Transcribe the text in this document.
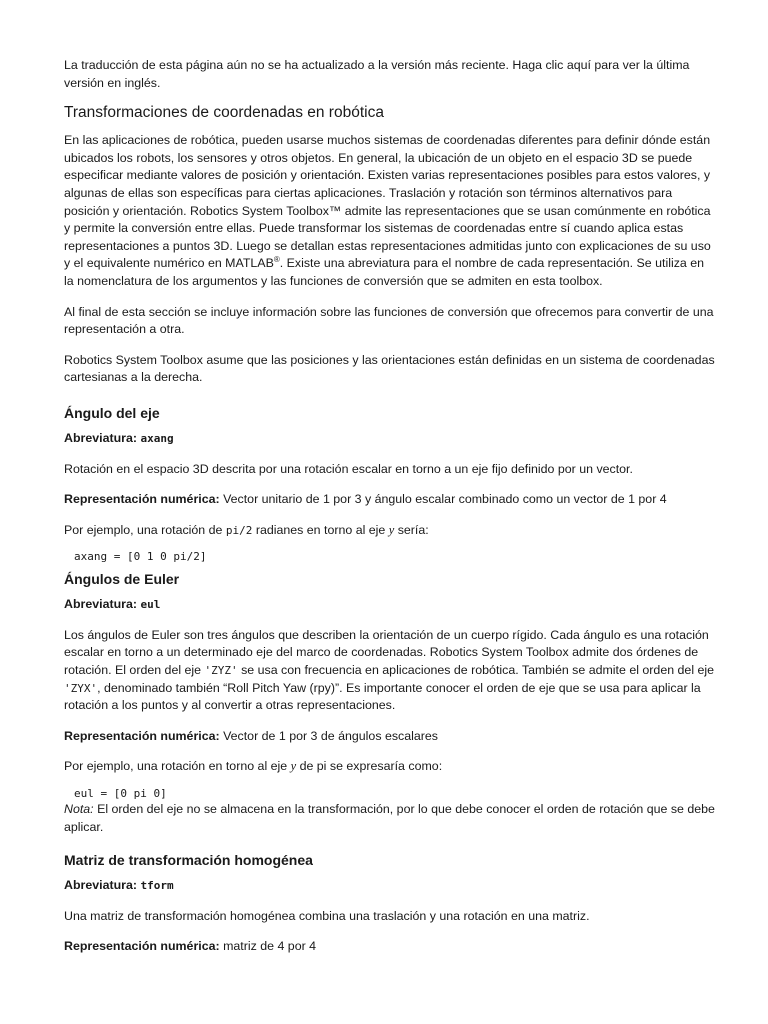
La traducción de esta página aún no se ha actualizado a la versión más reciente. Haga clic aquí para ver la última versión en inglés.

Transformaciones de coordenadas en robótica

En las aplicaciones de robótica, pueden usarse muchos sistemas de coordenadas diferentes para definir dónde están ubicados los robots, los sensores y otros objetos. En general, la ubicación de un objeto en el espacio 3D se puede especificar mediante valores de posición y orientación. Existen varias representaciones posibles para estos valores, y algunas de ellas son específicas para ciertas aplicaciones. Traslación y rotación son términos alternativos para posición y orientación. Robotics System Toolbox™ admite las representaciones que se usan comúnmente en robótica y permite la conversión entre ellas. Puede transformar los sistemas de coordenadas entre sí cuando aplica estas representaciones a puntos 3D. Luego se detallan estas representaciones admitidas junto con explicaciones de su uso y el equivalente numérico en MATLAB®. Existe una abreviatura para el nombre de cada representación. Se utiliza en la nomenclatura de los argumentos y las funciones de conversión que se admiten en esta toolbox.

Al final de esta sección se incluye información sobre las funciones de conversión que ofrecemos para convertir de una representación a otra.

Robotics System Toolbox asume que las posiciones y las orientaciones están definidas en un sistema de coordenadas cartesianas a la derecha.

Ángulo del eje

Abreviatura: axang

Rotación en el espacio 3D descrita por una rotación escalar en torno a un eje fijo definido por un vector.

Representación numérica: Vector unitario de 1 por 3 y ángulo escalar combinado como un vector de 1 por 4

Por ejemplo, una rotación de pi/2 radianes en torno al eje y sería:

axang = [0 1 0 pi/2]
Ángulos de Euler

Abreviatura: eul

Los ángulos de Euler son tres ángulos que describen la orientación de un cuerpo rígido. Cada ángulo es una rotación escalar en torno a un determinado eje del marco de coordenadas. Robotics System Toolbox admite dos órdenes de rotación. El orden del eje 'ZYZ' se usa con frecuencia en aplicaciones de robótica. También se admite el orden del eje 'ZYX', denominado también “Roll Pitch Yaw (rpy)”. Es importante conocer el orden de eje que se usa para aplicar la rotación a los puntos y al convertir a otras representaciones.

Representación numérica: Vector de 1 por 3 de ángulos escalares

Por ejemplo, una rotación en torno al eje y de pi se expresaría como:

eul = [0 pi 0]

Nota: El orden del eje no se almacena en la transformación, por lo que debe conocer el orden de rotación que se debe aplicar.

Matriz de transformación homogénea

Abreviatura: tform

Una matriz de transformación homogénea combina una traslación y una rotación en una matriz.

Representación numérica: matriz de 4 por 4
